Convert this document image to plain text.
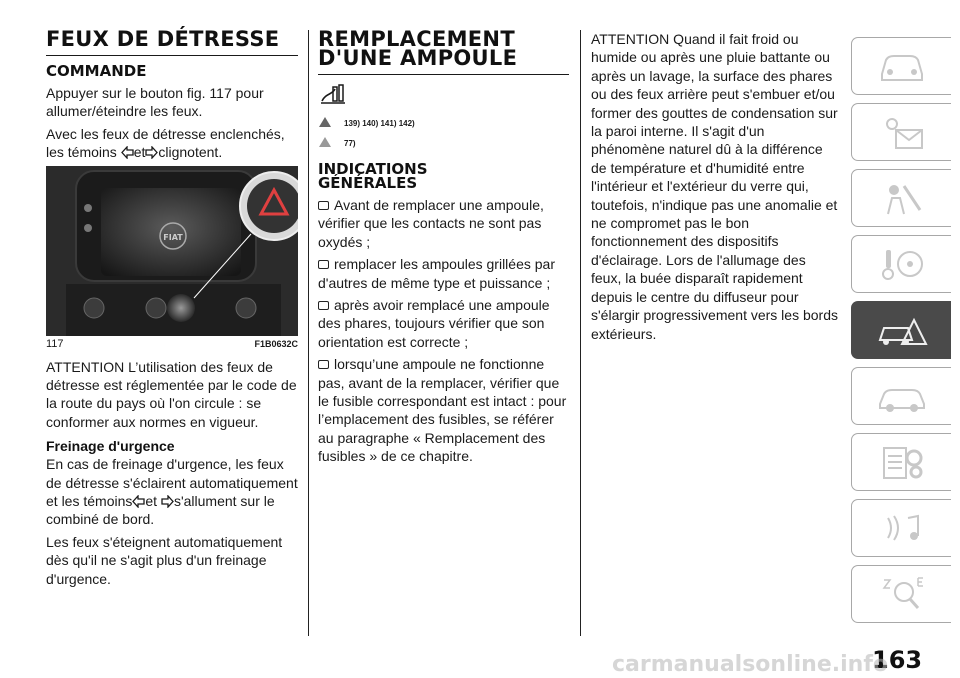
FEUX DE DÉTRESSE
COMMANDE

Appuyer sur le bouton fig. 117 pour allumer/éteindre les feux.

Avec les feux de détresse enclenchés, les témoins et clignotent.

FIAT
117	F1B0632C

ATTENTION L’utilisation des feux de détresse est réglementée par le code de la route du pays où l'on circule : se conformer aux normes en vigueur.

Freinage d'urgence

En cas de freinage d'urgence, les feux de détresse s'éclairent automatiquement et les témoins et s'allument sur le combiné de bord.

Les feux s'éteignent automatiquement dès qu'il ne s'agit plus d'un freinage d'urgence.

REMPLACEMENT D'UNE AMPOULE
139) 140) 141) 142)
77)
INDICATIONS GÉNÉRALES

Avant de remplacer une ampoule, vérifier que les contacts ne sont pas oxydés ;

remplacer les ampoules grillées par d'autres de même type et puissance ;

après avoir remplacé une ampoule des phares, toujours vérifier que son orientation est correcte ;

lorsqu’une ampoule ne fonctionne pas, avant de la remplacer, vérifier que le fusible correspondant est intact : pour l’emplacement des fusibles, se référer au paragraphe « Remplacement des fusibles » de ce chapitre.

ATTENTION Quand il fait froid ou humide ou après une pluie battante ou après un lavage, la surface des phares ou des feux arrière peut s'embuer et/ou former des gouttes de condensation sur la paroi interne. Il s'agit d'un phénomène naturel dû à la différence de température et d'humidité entre l'intérieur et l'extérieur du verre qui, toutefois, n'indique pas une anomalie et ne compromet pas le bon fonctionnement des dispositifs d'éclairage. Lors de l'allumage des feux, la buée disparaît rapidement depuis le centre du diffuseur pour s'élargir progressivement vers les bords extérieurs.

163
carmanualsonline.info
